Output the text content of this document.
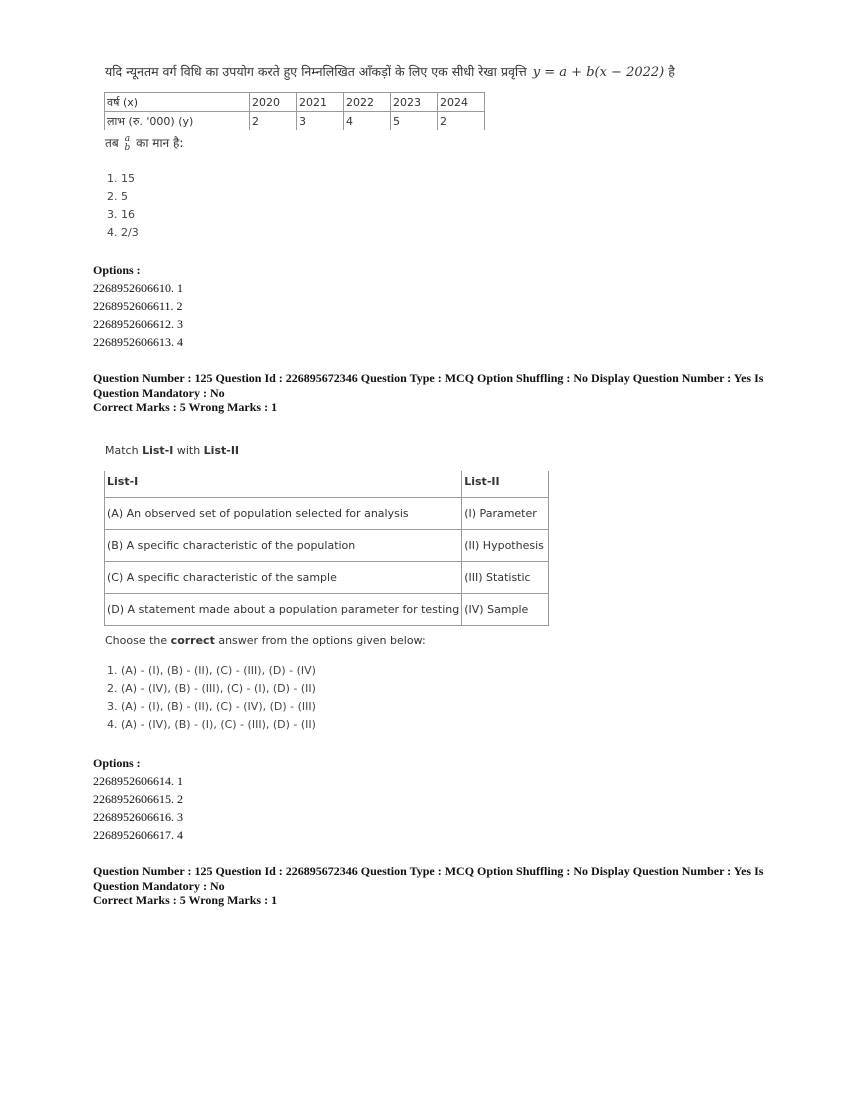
यदि न्यूनतम वर्ग विधि का उपयोग करते हुए निम्नलिखित आँकड़ों के लिए एक सीधी रेखा प्रवृत्ति y = a + b(x − 2022) है
वर्ष (x)	2020	2021	2022	2023	2024
लाभ (रु. '000) (y)	2	3	4	5	2
तब a
b का मान है:
1. 15
2. 5
3. 16
4. 2/3
Options :
2268952606610. 1
2268952606611. 2
2268952606612. 3
2268952606613. 4
Question Number : 125 Question Id : 226895672346 Question Type : MCQ Option Shuffling : No Display Question Number : Yes Is Question Mandatory : No
Correct Marks : 5 Wrong Marks : 1
Match List-I with List-II
List-I	List-II
(A) An observed set of population selected for analysis	(I) Parameter
(B) A specific characteristic of the population	(II) Hypothesis
(C) A specific characteristic of the sample	(III) Statistic
(D) A statement made about a population parameter for testing	(IV) Sample
Choose the correct answer from the options given below:
1. (A) - (I), (B) - (II), (C) - (III), (D) - (IV)
2. (A) - (IV), (B) - (III), (C) - (I), (D) - (II)
3. (A) - (I), (B) - (II), (C) - (IV), (D) - (III)
4. (A) - (IV), (B) - (I), (C) - (III), (D) - (II)
Options :
2268952606614. 1
2268952606615. 2
2268952606616. 3
2268952606617. 4
Question Number : 125 Question Id : 226895672346 Question Type : MCQ Option Shuffling : No Display Question Number : Yes Is Question Mandatory : No
Correct Marks : 5 Wrong Marks : 1
